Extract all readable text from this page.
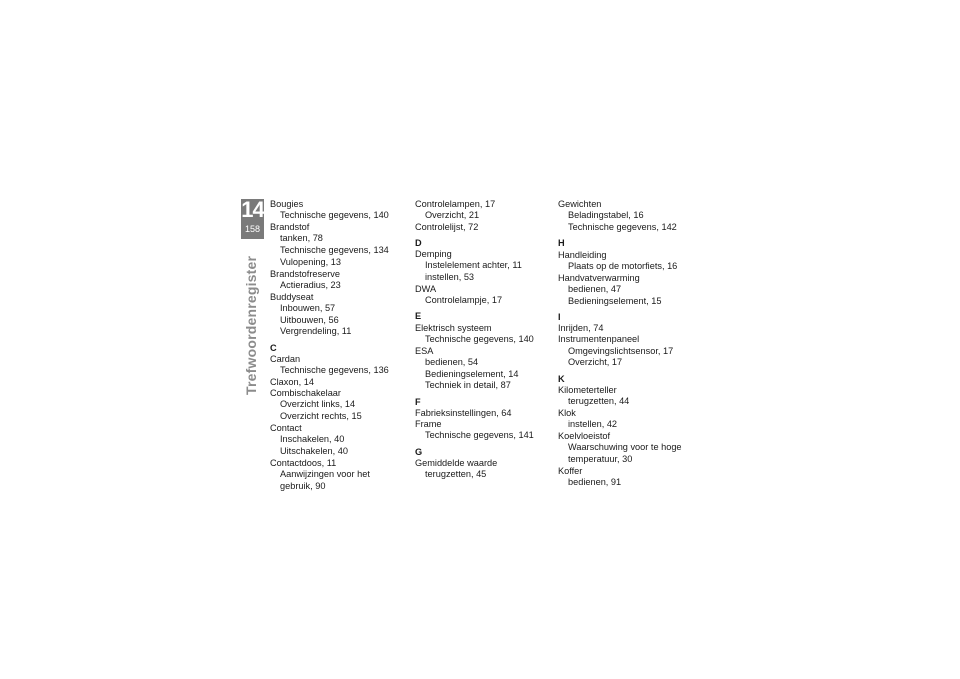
14
158
Trefwoordenregister
Bougies
Technische gegevens, 140
Brandstof
tanken, 78
Technische gegevens, 134
Vulopening, 13
Brandstofreserve
Actieradius, 23
Buddyseat
Inbouwen, 57
Uitbouwen, 56
Vergrendeling, 11
C
Cardan
Technische gegevens, 136
Claxon, 14
Combischakelaar
Overzicht links, 14
Overzicht rechts, 15
Contact
Inschakelen, 40
Uitschakelen, 40
Contactdoos, 11
Aanwijzingen voor het
gebruik, 90
Controlelampen, 17
Overzicht, 21
Controlelijst, 72
D
Demping
Instelelement achter, 11
instellen, 53
DWA
Controlelampje, 17
E
Elektrisch systeem
Technische gegevens, 140
ESA
bedienen, 54
Bedieningselement, 14
Techniek in detail, 87
F
Fabrieksinstellingen, 64
Frame
Technische gegevens, 141
G
Gemiddelde waarde
terugzetten, 45
Gewichten
Beladingstabel, 16
Technische gegevens, 142
H
Handleiding
Plaats op de motorfiets, 16
Handvatverwarming
bedienen, 47
Bedieningselement, 15
I
Inrijden, 74
Instrumentenpaneel
Omgevingslichtsensor, 17
Overzicht, 17
K
Kilometerteller
terugzetten, 44
Klok
instellen, 42
Koelvloeistof
Waarschuwing voor te hoge
temperatuur, 30
Koffer
bedienen, 91
